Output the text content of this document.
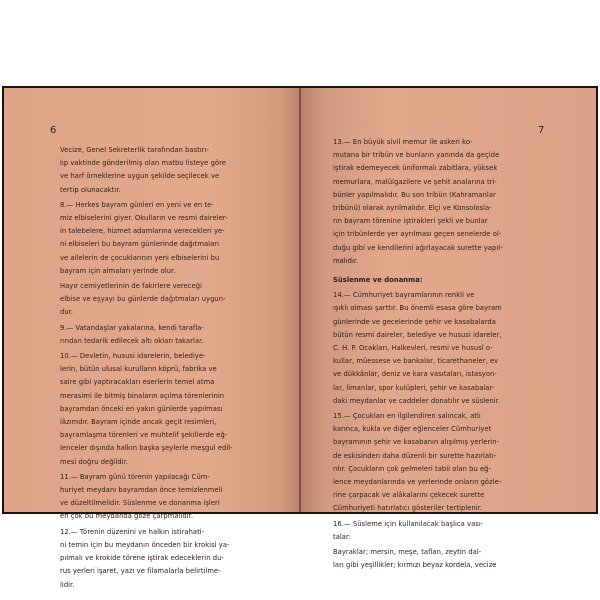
6
Vecize, Genel Sekreterlik tarafından bastırı-
lıp vaktinde gönderilmiş olan matbu listeye göre
ve harf örneklerine uygun şekilde seçilecek ve
tertip olunacaktır.
8.— Herkes bayram günleri en yeni ve en te-
miz elbiselerini giyer. Okulların ve resmi daireler-
in talebelere, hizmet adamlarına verecekleri ye-
ni elbiseleri bu bayram günlerinde dağıtmaları
ve ailelerin de çocuklarının yeni elbiselerini bu
bayram için almaları yerinde olur.
Hayır cemiyetlerinin de fakirlere vereceği
elbise ve eşyayı bu günlerde dağıtmaları uygun-
dur.
9.— Vatandaşlar yakalarına, kendi tarafla-
rından tedarik edilecek altı okları takarlar.
10.— Devletin, hususi idarelerin, belediye-
lerin, bütün ulusal kurulların köprü, fabrika ve
saire gibi yaptıracakları eserlerin temel atma
merasimi ile bitmiş binaların açılma törenlerinin
bayramdan önceki en yakın günlerde yapılması
lâzımdır. Bayram içinde ancak geçit resimleri,
bayramlaşma törenleri ve muhtelif şekillerde eğ-
lenceler dışında halkın başka şeylerle meşgul edil-
mesi doğru değildir.
11.— Bayram günü törenin yapılacağı Cüm-
huriyet meydanı bayramdan önce temizlenmeli
ve düzeltilmelidir. Süslenme ve donanma işleri
en çok bu meydanda göze çarpmalıdır.
12.— Törenin düzenini ve halkın istirahati-
ni temin için bu meydanın önceden bir krokisi ya-
pılmalı ve krokide törene iştirak edeceklerin du-
rus yerleri işaret, yazı ve filamalarla belirtilme-
lidir.
7
13.— En büyük sivil memur ile askeri ko-
mutana bir tribün ve bunların yanında da geçide
iştirak edemeyecek üniformalı zabitlara, yüksek
memurlara, malûlgazilere ve şehit analarına tri-
bünler yapılmalıdır. Bu son tribün (Kahramanlar
tribünü) olarak ayrılmalıdır. Elçi ve Konsolosla-
rın bayram törenine iştirakleri şekli ve bunlar
için tribünlerde yer ayrılması geçen senelerde ol-
duğu gibi ve kendilerini ağırlayacak surette yapıl-
malıdır.
Süslenme ve donanma:
14.— Cümhuriyet bayramlarının renkli ve
ışıklı olması şarttır. Bu önemli esasa göre bayram
günlerinde ve gecelerinde şehir ve kasabalarda
bütün resmi daireler, belediye ve hususi idareler,
C. H. P. Ocakları, Halkevleri, resmi ve hususî o-
kullar, müessese ve bankalar, ticarethaneler, ev
ve dükkânlar, deniz ve kara vasıtaları, istasyon-
lar, limanlar, spor kulüpleri, şehir ve kasabalar-
daki meydanlar ve caddeler donatılır ve süslenir.
15.— Çocukları en ilgilendiren salıncak, atlı
karınca, kukla ve diğer eğlenceler Cümhuriyet
bayramının şehir ve kasabanın alışılmış yerlerin-
de eskisinden daha düzenli bir surette hazırlatı-
rılır. Çocukların çok gelmeleri tabii olan bu eğ-
lence meydanlarında ve yerlerinde onların gözle-
rine çarpacak ve alâkalarını çekecek surette
Cümhuriyeti hatırlatıcı gösteriler tertiplenir.
16.— Süsleme için kullanılacak başlıca vası-
talar:
Bayraklar; mersin, meşe, taflan, zeytin dal-
ları gibi yeşillikler; kırmızı beyaz kordela, vecize
